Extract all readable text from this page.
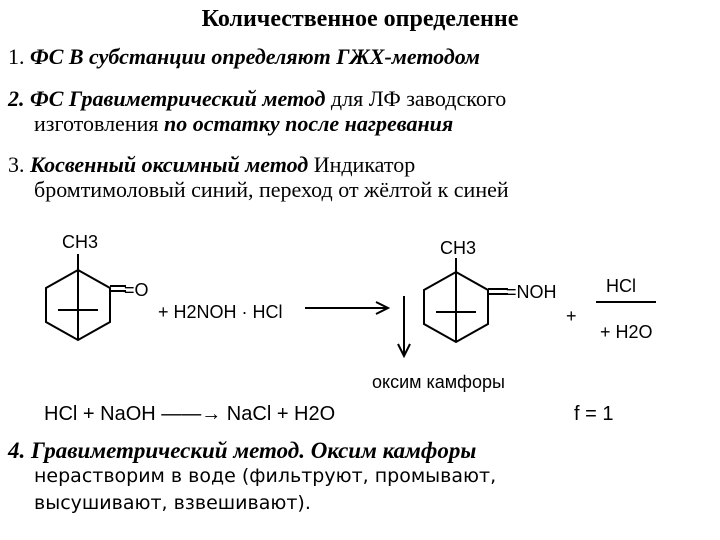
Количественное определенне
1. ФС В субстанции определяют ГЖХ-методом
2. ФС Гравиметрический метод для ЛФ заводского
изготовления по остатку после нагревания
3. Косвенный оксимный метод Индикатор
бромтимоловый синий, переход от жёлтой к синей
CH3
=O
+ H2NOH · HCl
CH3
=NOH
+
HCl
+ H2O
оксим камфоры
HCl + NaOH ——→ NaCl + H2O	f = 1
4. Гравиметрический метод. Оксим камфоры
нерастворим в воде (фильтруют, промывают,
высушивают, взвешивают).
